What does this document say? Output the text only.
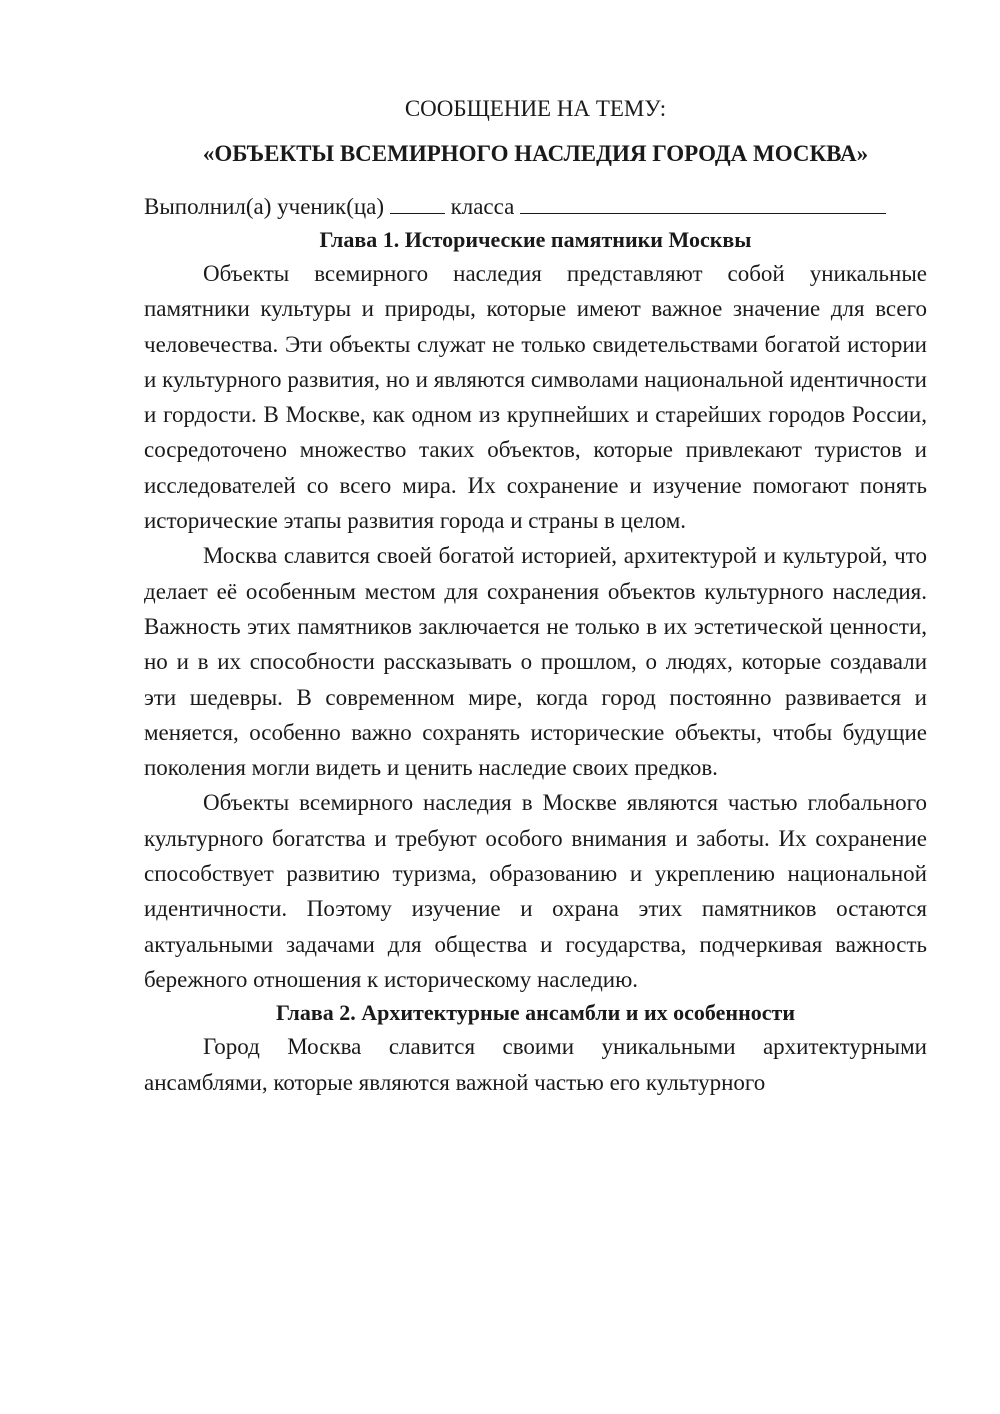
СООБЩЕНИЕ НА ТЕМУ:

«ОБЪЕКТЫ ВСЕМИРНОГО НАСЛЕДИЯ ГОРОДА МОСКВА»

Выполнил(а) ученик(ца)	класса
Глава 1. Исторические памятники Москвы

Объекты всемирного наследия представляют собой уникальные памятники культуры и природы, которые имеют важное значение для всего человечества. Эти объекты служат не только свидетельствами богатой истории и культурного развития, но и являются символами национальной идентичности и гордости. В Москве, как одном из крупнейших и старейших городов России, сосредоточено множество таких объектов, которые привлекают туристов и исследователей со всего мира. Их сохранение и изучение помогают понять исторические этапы развития города и страны в целом.

Москва славится своей богатой историей, архитектурой и культурой, что делает её особенным местом для сохранения объектов культурного наследия. Важность этих памятников заключается не только в их эстетической ценности, но и в их способности рассказывать о прошлом, о людях, которые создавали эти шедевры. В современном мире, когда город постоянно развивается и меняется, особенно важно сохранять исторические объекты, чтобы будущие поколения могли видеть и ценить наследие своих предков.

Объекты всемирного наследия в Москве являются частью глобального культурного богатства и требуют особого внимания и заботы. Их сохранение способствует развитию туризма, образованию и укреплению национальной идентичности. Поэтому изучение и охрана этих памятников остаются актуальными задачами для общества и государства, подчеркивая важность бережного отношения к историческому наследию.

Глава 2. Архитектурные ансамбли и их особенности

Город Москва славится своими уникальными архитектурными ансамблями, которые являются важной частью его культурного
